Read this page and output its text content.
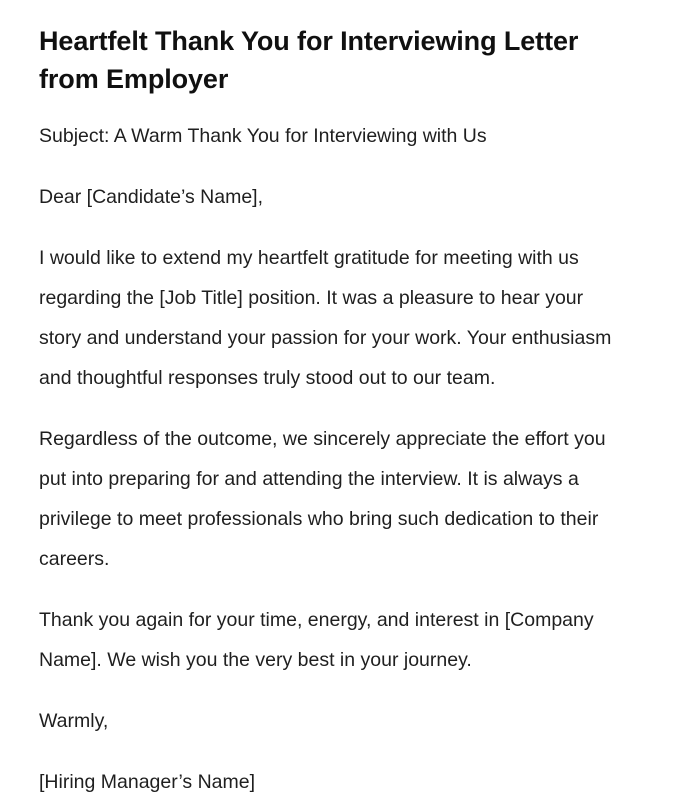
Heartfelt Thank You for Interviewing Letter from Employer

Subject: A Warm Thank You for Interviewing with Us

Dear [Candidate’s Name],

I would like to extend my heartfelt gratitude for meeting with us regarding the [Job Title] position. It was a pleasure to hear your story and understand your passion for your work. Your enthusiasm and thoughtful responses truly stood out to our team.

Regardless of the outcome, we sincerely appreciate the effort you put into preparing for and attending the interview. It is always a privilege to meet professionals who bring such dedication to their careers.

Thank you again for your time, energy, and interest in [Company Name]. We wish you the very best in your journey.

Warmly,

[Hiring Manager’s Name]
